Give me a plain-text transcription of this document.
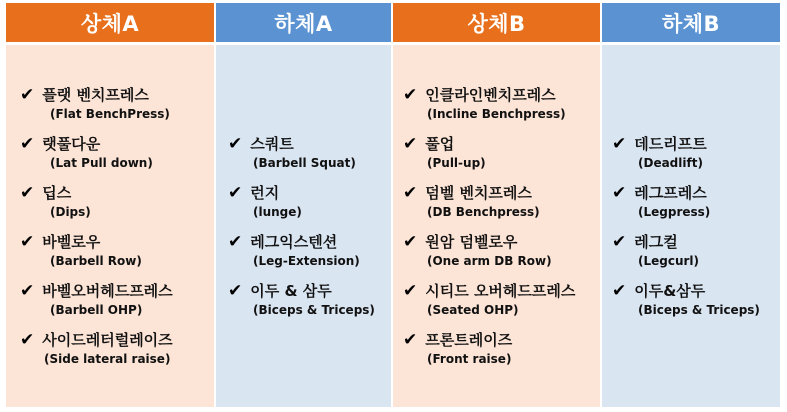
상체A
✔ 플랫 벤치프레스
(Flat BenchPress)
✔ 랫풀다운
(Lat Pull down)
✔ 딥스
(Dips)
✔ 바벨로우
(Barbell Row)
✔ 바벨오버헤드프레스
(Barbell OHP)
✔ 사이드레터럴레이즈
(Side lateral raise)
하체A
✔ 스쿼트
(Barbell Squat)
✔ 런지
(lunge)
✔ 레그익스텐션
(Leg-Extension)
✔ 이두 & 삼두
(Biceps & Triceps)
상체B
✔ 인클라인벤치프레스
(Incline Benchpress)
✔ 풀업
(Pull-up)
✔ 덤벨 벤치프레스
(DB Benchpress)
✔ 원암 덤벨로우
(One arm DB Row)
✔ 시티드 오버헤드프레스
(Seated OHP)
✔ 프론트레이즈
(Front raise)
하체B
✔ 데드리프트
(Deadlift)
✔ 레그프레스
(Legpress)
✔ 레그컬
(Legcurl)
✔ 이두&삼두
(Biceps & Triceps)
